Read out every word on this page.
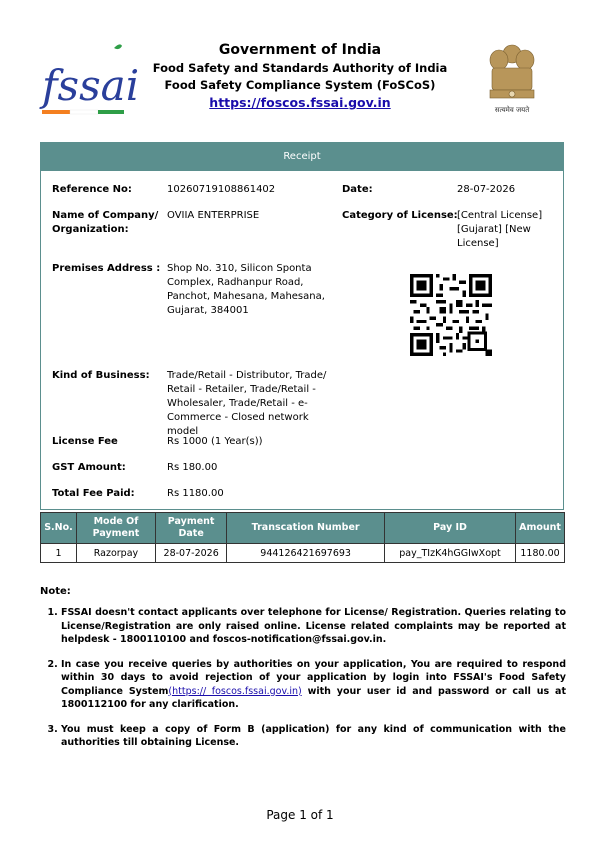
fssai
Government of India
Food Safety and Standards Authority of India
Food Safety Compliance System (FoSCoS)
https://foscos.fssai.gov.in	सत्यमेव जयते
Receipt
Reference No:	10260719108861402	Date:	28-07-2026
Name of Company/ Organization:
OVIIA ENTERPRISE	Category of License: [Central License] [Gujarat] [New License]
Premises Address : Shop No. 310, Silicon Sponta Complex, Radhanpur Road, Panchot, Mahesana, Mahesana, Gujarat, 384001
Kind of Business: Trade/Retail - Distributor, Trade/ Retail - Retailer, Trade/Retail - Wholesaler, Trade/Retail - e-Commerce - Closed network model
License Fee	Rs 1000 (1 Year(s))
GST Amount:	Rs 180.00
Total Fee Paid:	Rs 1180.00
S.No.	Mode Of Payment	Payment Date	Transcation Number	Pay ID	Amount
1	Razorpay	28-07-2026	944126421697693	pay_TIzK4hGGIwXopt	1180.00
Note:
1. FSSAI doesn't contact applicants over telephone for License/ Registration. Queries relating to License/Registration are only raised online. License related complaints may be reported at helpdesk - 1800110100 and foscos-notification@fssai.gov.in.
2. In case you receive queries by authorities on your application, You are required to respond within 30 days to avoid rejection of your application by login into FSSAI's Food Safety Compliance System(https:// foscos.fssai.gov.in) with your user id and password or call us at 1800112100 for any clarification.
3. You must keep a copy of Form B (application) for any kind of communication with the authorities till obtaining License.
Page 1 of 1
